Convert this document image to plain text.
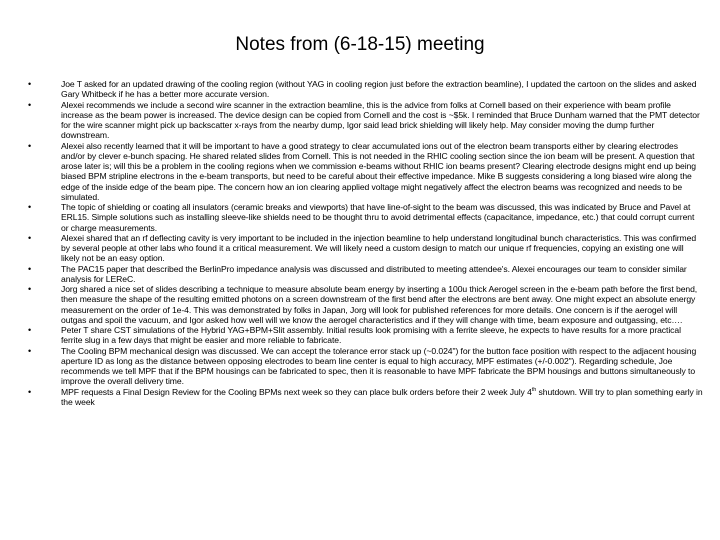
Notes from (6-18-15) meeting
•	Joe T asked for an updated drawing of the cooling region (without YAG in cooling region just before the extraction beamline), I updated the cartoon on the slides and asked Gary Whitbeck if he has a better more accurate version.
•	Alexei recommends we include a second wire scanner in the extraction beamline, this is the advice from folks at Cornell based on their experience with beam profile increase as the beam power is increased. The device design can be copied from Cornell and the cost is ~$5k. I reminded that Bruce Dunham warned that the PMT detector for the wire scanner might pick up backscatter x-rays from the nearby dump, Igor said lead brick shielding will likely help. May consider moving the dump further downstream.
•	Alexei also recently learned that it will be important to have a good strategy to clear accumulated ions out of the electron beam transports either by clearing electrodes and/or by clever e-bunch spacing. He shared related slides from Cornell. This is not needed in the RHIC cooling section since the ion beam will be present. A question that arose later is; will this be a problem in the cooling regions when we commission e-beams without RHIC ion beams present? Clearing electrode designs might end up being biased BPM stripline electrons in the e-beam transports, but need to be careful about their effective impedance. Mike B suggests considering a long biased wire along the edge of the inside edge of the beam pipe. The concern how an ion clearing applied voltage might negatively affect the electron beams was recognized and needs to be simulated.
•	The topic of shielding or coating all insulators (ceramic breaks and viewports) that have line-of-sight to the beam was discussed, this was indicated by Bruce and Pavel at ERL15. Simple solutions such as installing sleeve-like shields need to be thought thru to avoid detrimental effects (capacitance, impedance, etc.) that could corrupt current or charge measurements.
•	Alexei shared that an rf deflecting cavity is very important to be included in the injection beamline to help understand longitudinal bunch characteristics. This was confirmed by several people at other labs who found it a critical measurement. We will likely need a custom design to match our unique rf frequencies, copying an existing one will likely not be an easy option.
•	The PAC15 paper that described the BerlinPro impedance analysis was discussed and distributed to meeting attendee's. Alexei encourages our team to consider similar analysis for LEReC.
•	Jorg shared a nice set of slides describing a technique to measure absolute beam energy by inserting a 100u thick Aerogel screen in the e-beam path before the first bend, then measure the shape of the resulting emitted photons on a screen downstream of the first bend after the electrons are bent away. One might expect an absolute energy measurement on the order of 1e-4. This was demonstrated by folks in Japan, Jorg will look for published references for more details. One concern is if the aerogel will outgas and spoil the vacuum, and Igor asked how well will we know the aerogel characteristics and if they will change with time, beam exposure and outgassing, etc….
•	Peter T share CST simulations of the Hybrid YAG+BPM+Slit assembly. Initial results look promising with a ferrite sleeve, he expects to have results for a more practical ferrite slug in a few days that might be easier and more reliable to fabricate.
•	The Cooling BPM mechanical design was discussed. We can accept the tolerance error stack up (~0.024") for the button face position with respect to the adjacent housing aperture ID as long as the distance between opposing electrodes to beam line center is equal to high accuracy, MPF estimates (+/-0.002"). Regarding schedule, Joe recommends we tell MPF that if the BPM housings can be fabricated to spec, then it is reasonable to have MPF fabricate the BPM housings and buttons simultaneously to improve the overall delivery time.
•	MPF requests a Final Design Review for the Cooling BPMs next week so they can place bulk orders before their 2 week July 4th shutdown. Will try to plan something early in the week
